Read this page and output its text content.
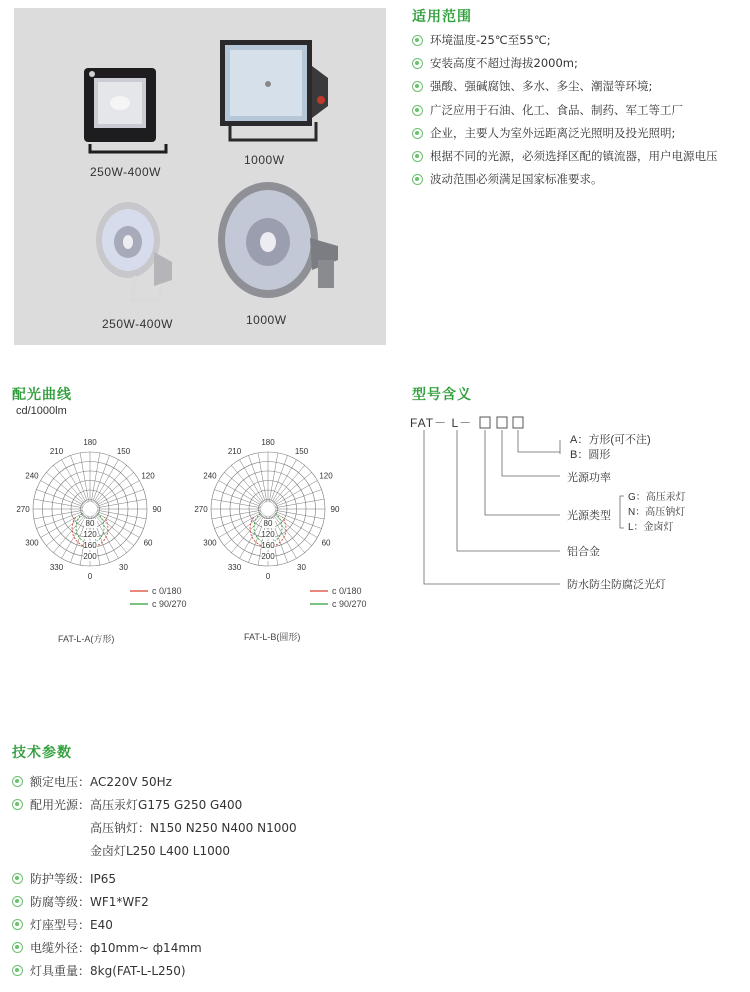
250W-400W
1000W
250W-400W	1000W
适用范围
环境温度-25℃至55℃;
安装高度不超过海拔2000m;
强酸、强碱腐蚀、多水、多尘、潮湿等环境;
广泛应用于石油、化工、食品、制药、军工等工厂
企业，主要人为室外远距离泛光照明及投光照明;
根据不同的光源，必须选择区配的镇流器，用户电源电压
波动范围必须满足国家标准要求。
配光曲线
cd/1000lm
180
150
120
90
60
30
0
330
300
270
240
210
80
120
160
200
180
150
120
90
60
30
0
330
300
270
240
210
80
120
160
200
c 0/180
c 90/270
c 0/180
c 90/270
FAT-L-A(方形)	FAT-L-B(圆形)
型号含义
FAT－ L－
A：方形(可不注)
B：圆形
光源功率
光源类型
G：高压汞灯
N：高压钠灯
L：金卤灯
铝合金
防水防尘防腐泛光灯
技术参数
额定电压：AC220V 50Hz
配用光源：高压汞灯G175 G250 G400
高压钠灯：N150 N250 N400 N1000
金卤灯L250 L400 L1000
防护等级：IP65
防腐等级：WF1*WF2
灯座型号：E40
电缆外径：ф10mm~ ф14mm
灯具重量：8kg(FAT-L-L250)
